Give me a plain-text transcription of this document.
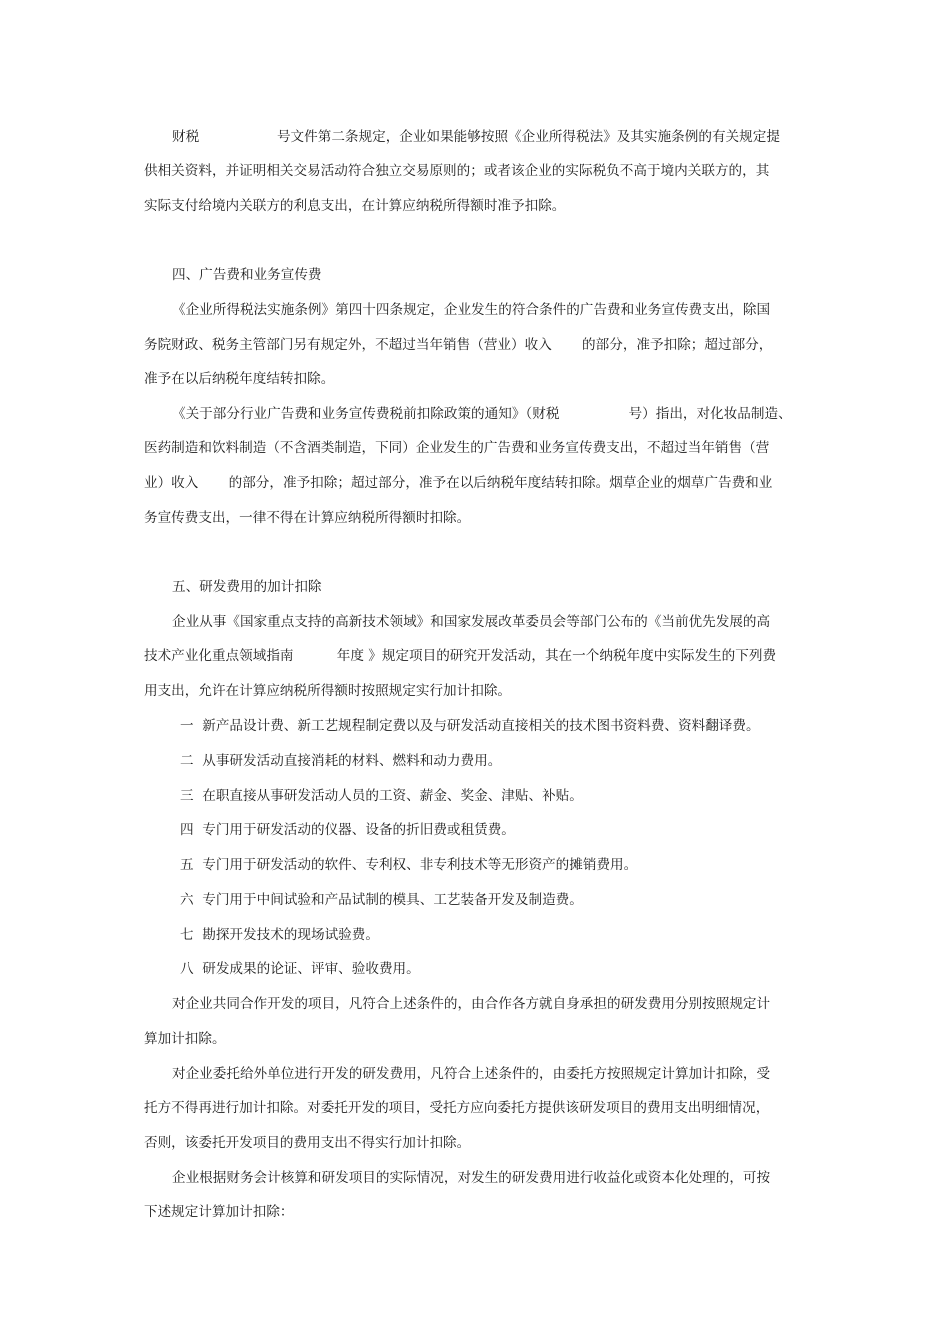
财税                  号文件第二条规定，企业如果能够按照《企业所得税法》及其实施条例的有关规定提
供相关资料，并证明相关交易活动符合独立交易原则的；或者该企业的实际税负不高于境内关联方的，其
实际支付给境内关联方的利息支出，在计算应纳税所得额时准予扣除。
四、广告费和业务宣传费
《企业所得税法实施条例》第四十四条规定，企业发生的符合条件的广告费和业务宣传费支出，除国
务院财政、税务主管部门另有规定外，不超过当年销售（营业）收入       的部分，准予扣除；超过部分，
准予在以后纳税年度结转扣除。
《关于部分行业广告费和业务宣传费税前扣除政策的通知》（财税                号）指出，对化妆品制造、
医药制造和饮料制造（不含酒类制造，下同）企业发生的广告费和业务宣传费支出，不超过当年销售（营
业）收入       的部分，准予扣除；超过部分，准予在以后纳税年度结转扣除。烟草企业的烟草广告费和业
务宣传费支出，一律不得在计算应纳税所得额时扣除。
五、研发费用的加计扣除
企业从事《国家重点支持的高新技术领域》和国家发展改革委员会等部门公布的《当前优先发展的高
技术产业化重点领域指南          年度 》规定项目的研究开发活动，其在一个纳税年度中实际发生的下列费
用支出，允许在计算应纳税所得额时按照规定实行加计扣除。
一  新产品设计费、新工艺规程制定费以及与研发活动直接相关的技术图书资料费、资料翻译费。
二  从事研发活动直接消耗的材料、燃料和动力费用。
三  在职直接从事研发活动人员的工资、薪金、奖金、津贴、补贴。
四  专门用于研发活动的仪器、设备的折旧费或租赁费。
五  专门用于研发活动的软件、专利权、非专利技术等无形资产的摊销费用。
六  专门用于中间试验和产品试制的模具、工艺装备开发及制造费。
七  勘探开发技术的现场试验费。
八  研发成果的论证、评审、验收费用。
对企业共同合作开发的项目，凡符合上述条件的，由合作各方就自身承担的研发费用分别按照规定计
算加计扣除。
对企业委托给外单位进行开发的研发费用，凡符合上述条件的，由委托方按照规定计算加计扣除，受
托方不得再进行加计扣除。对委托开发的项目，受托方应向委托方提供该研发项目的费用支出明细情况，
否则，该委托开发项目的费用支出不得实行加计扣除。
企业根据财务会计核算和研发项目的实际情况，对发生的研发费用进行收益化或资本化处理的，可按
下述规定计算加计扣除：
